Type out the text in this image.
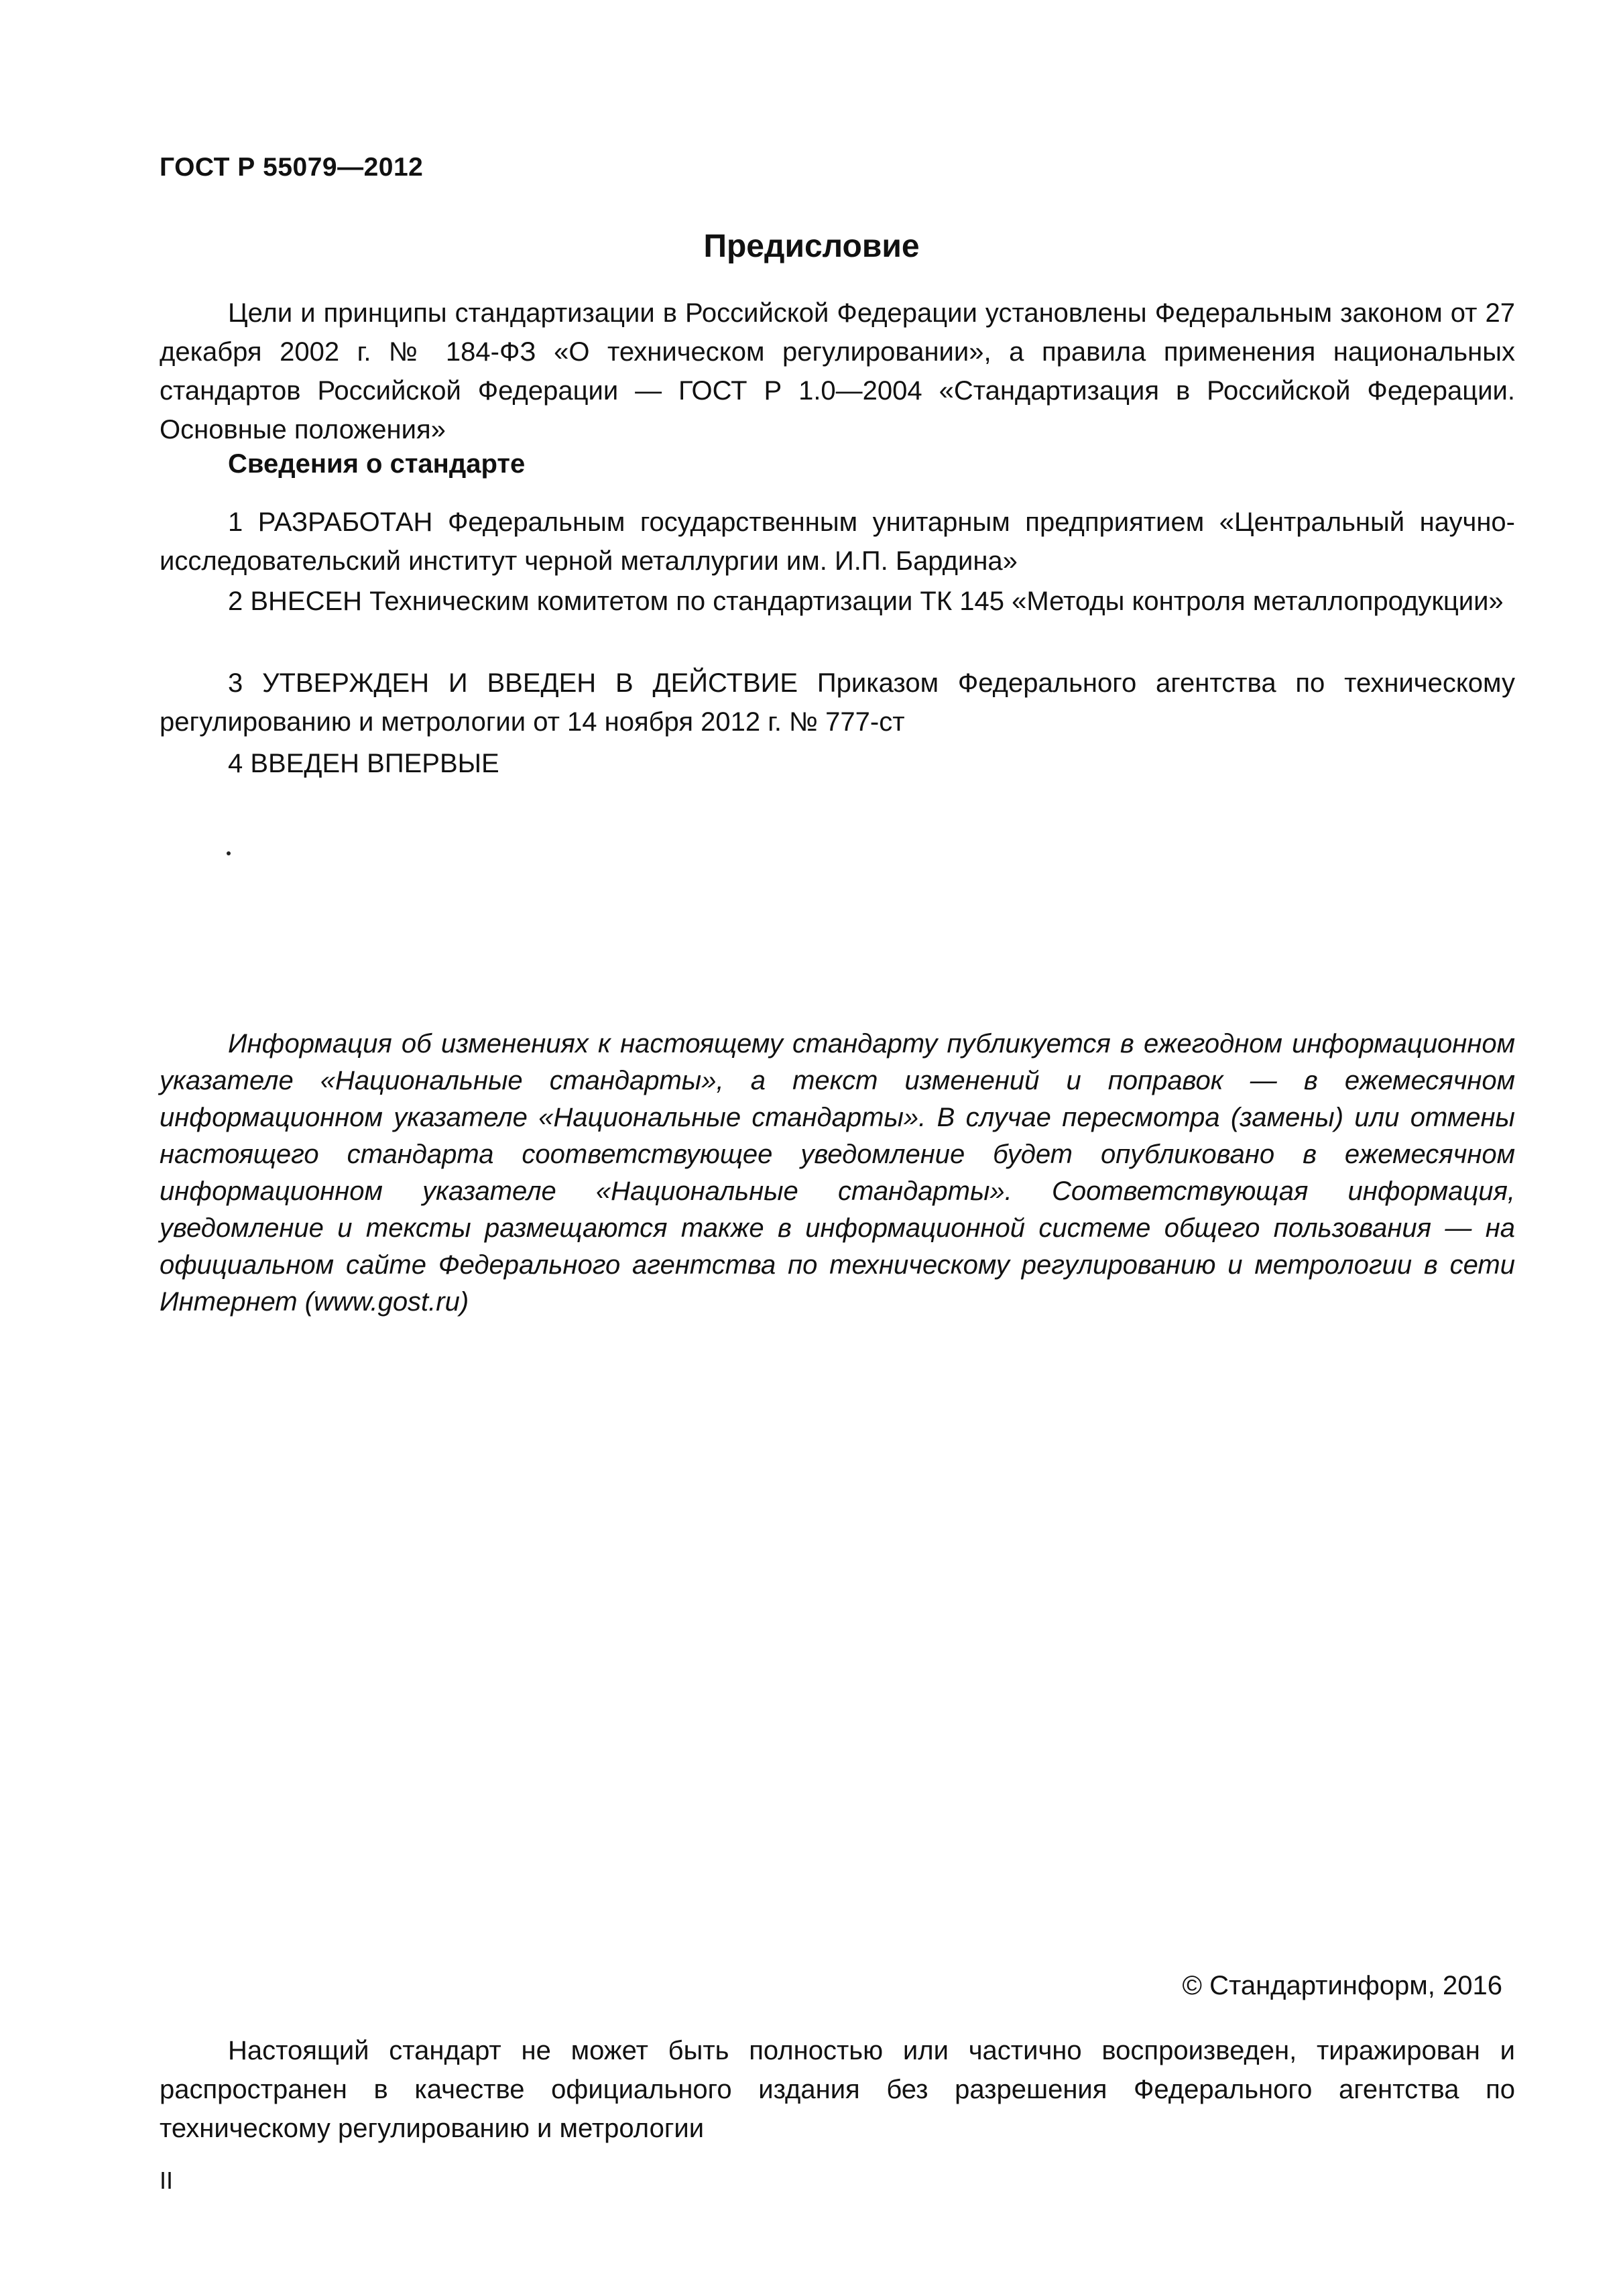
ГОСТ Р 55079—2012
Предисловие

Цели и принципы стандартизации в Российской Федерации установлены Федеральным законом от 27 декабря 2002 г. № 184-ФЗ «О техническом регулировании», а правила применения национальных стандартов Российской Федерации — ГОСТ Р 1.0—2004 «Стандартизация в Российской Федерации. Основные положения»

Сведения о стандарте

1 РАЗРАБОТАН Федеральным государственным унитарным предприятием «Центральный научно-исследовательский институт черной металлургии им. И.П. Бардина»

2 ВНЕСЕН Техническим комитетом по стандартизации ТК 145 «Методы контроля металлопродукции»

3 УТВЕРЖДЕН И ВВЕДЕН В ДЕЙСТВИЕ Приказом Федерального агентства по техническому регулированию и метрологии от 14 ноября 2012 г. № 777-ст

4 ВВЕДЕН ВПЕРВЫЕ

Информация об изменениях к настоящему стандарту публикуется в ежегодном информационном указателе «Национальные стандарты», а текст изменений и поправок — в ежемесячном информационном указателе «Национальные стандарты». В случае пересмотра (замены) или отмены настоящего стандарта соответствующее уведомление будет опубликовано в ежемесячном информационном указателе «Национальные стандарты». Соответствующая информация, уведомление и тексты размещаются также в информационной системе общего пользования — на официальном сайте Федерального агентства по техническому регулированию и метрологии в сети Интернет (www.gost.ru)

© Стандартинформ, 2016

Настоящий стандарт не может быть полностью или частично воспроизведен, тиражирован и распространен в качестве официального издания без разрешения Федерального агентства по техническому регулированию и метрологии

II
